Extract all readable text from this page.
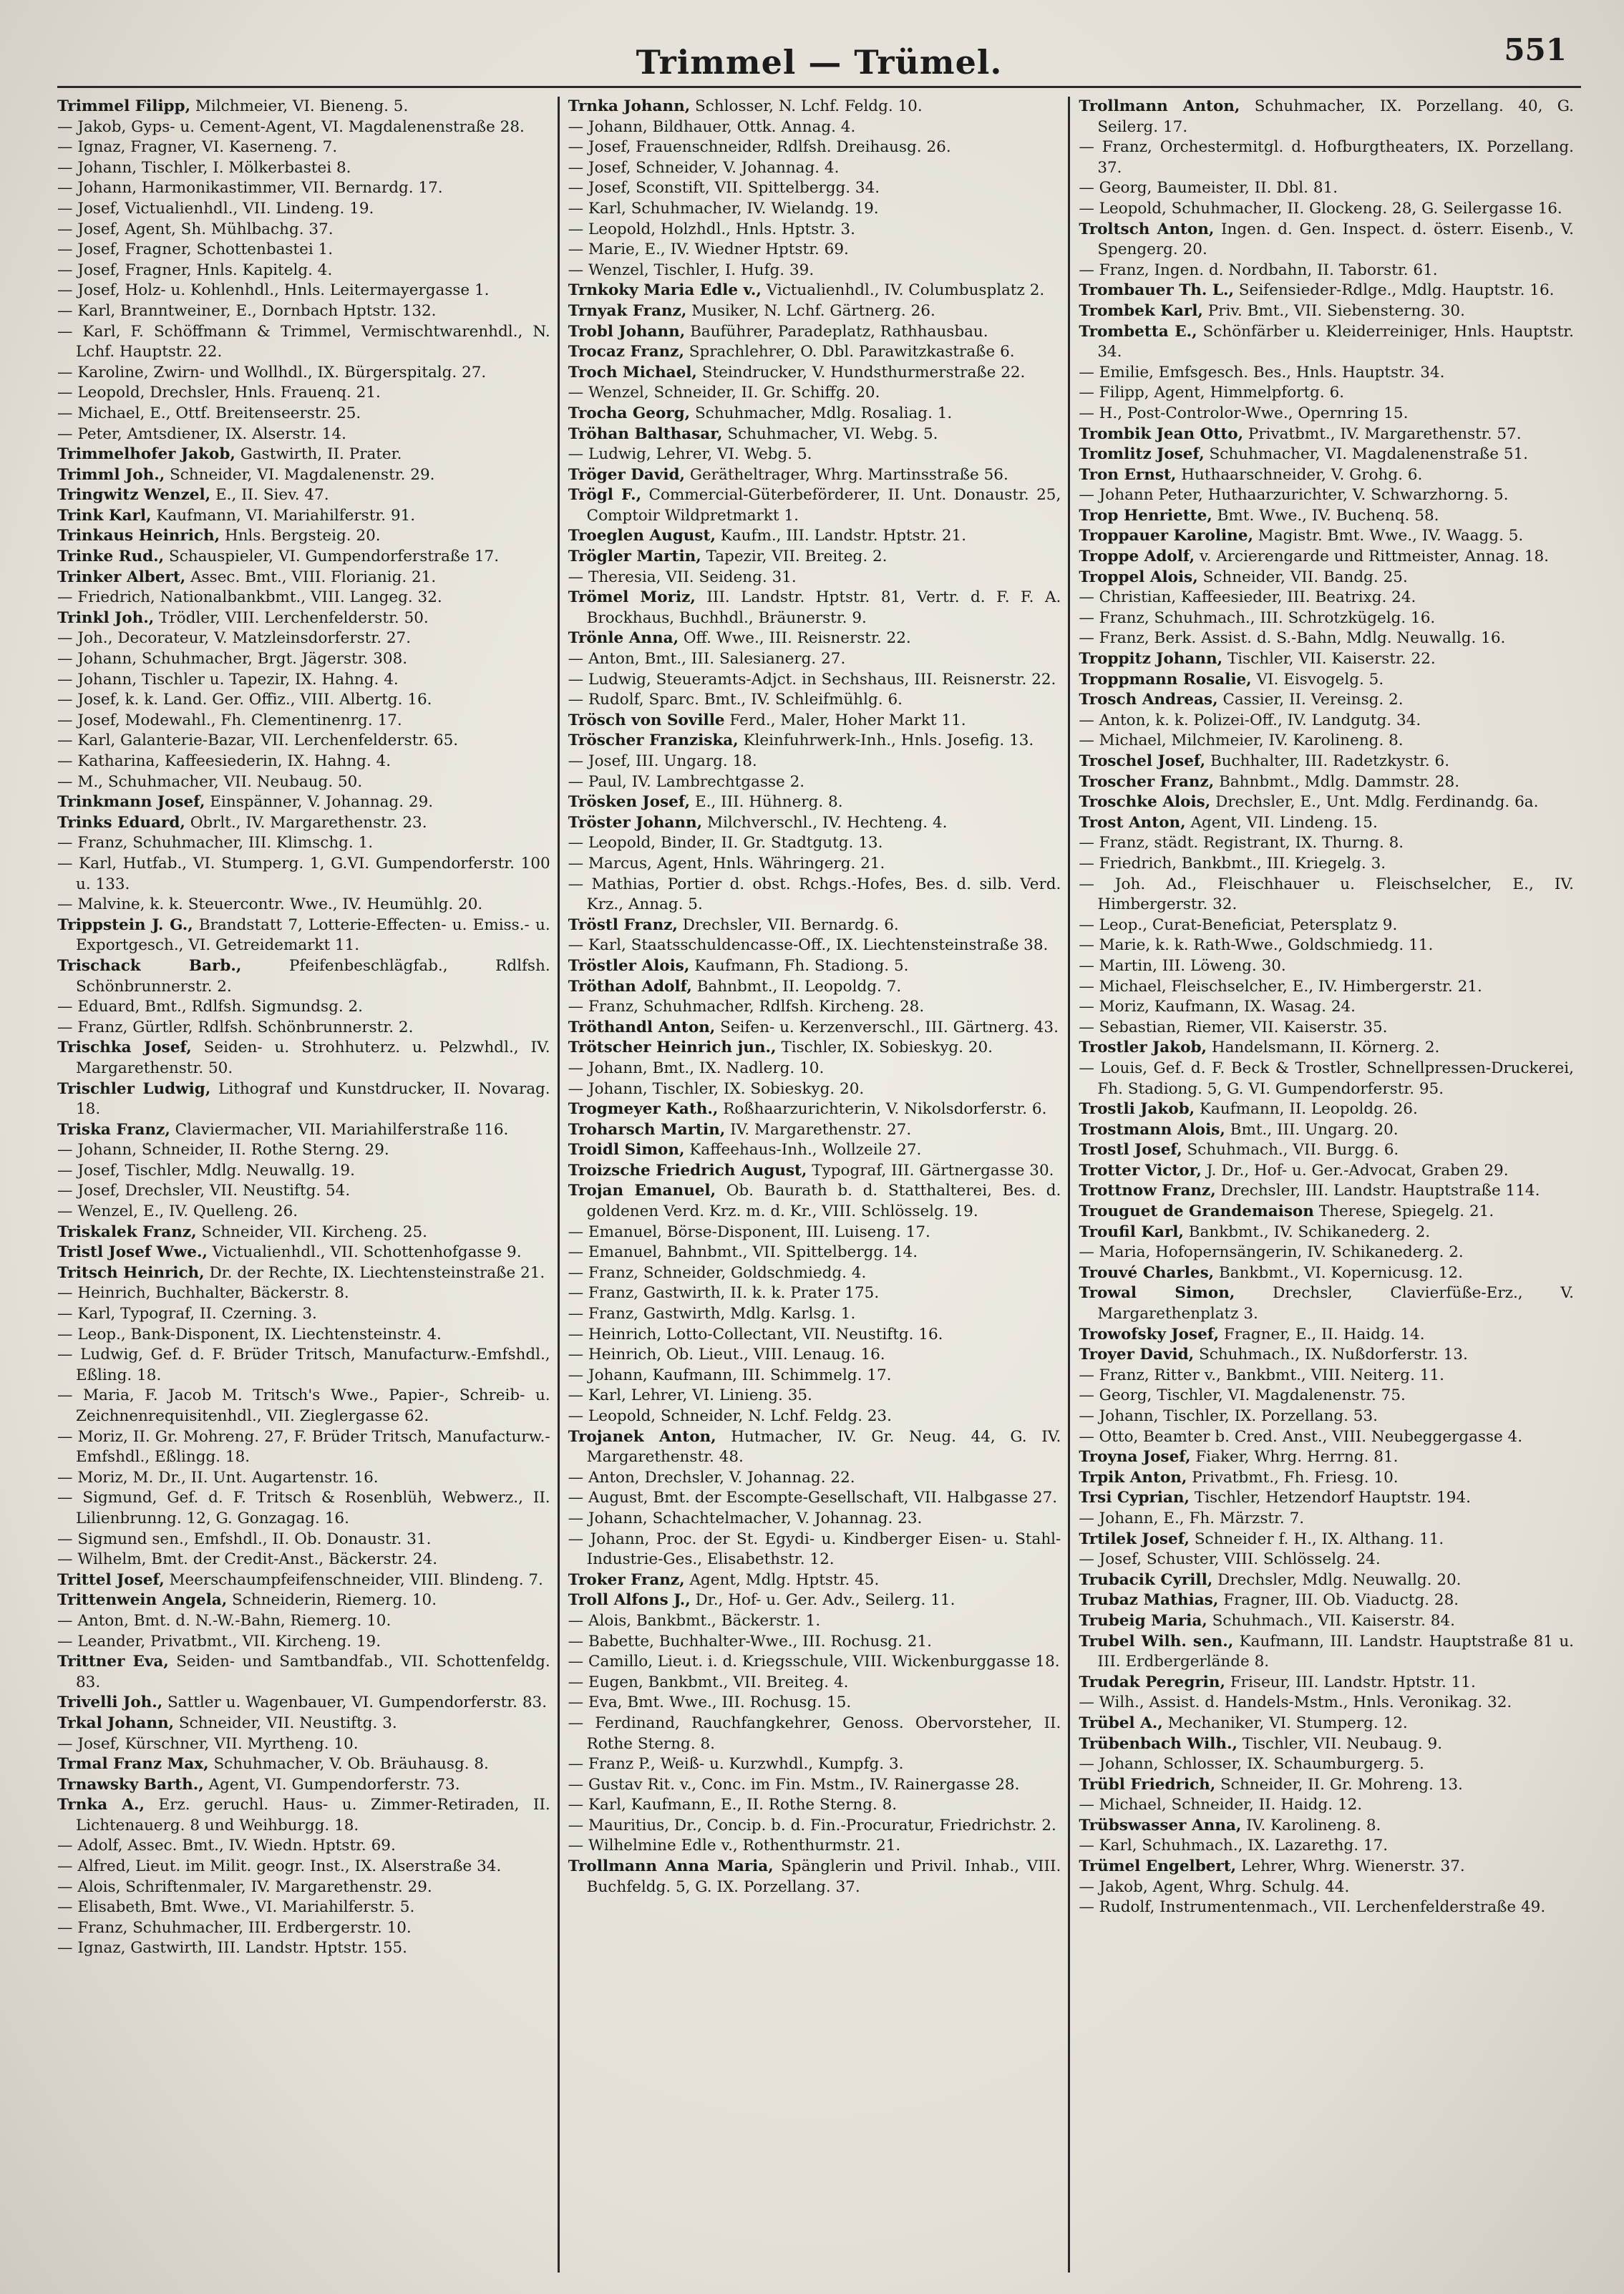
Trimmel — Trümel.	551
Trimmel Filipp, Milchmeier, VI. Bieneng. 5.
— Jakob, Gyps- u. Cement-Agent, VI. Magdalenenstraße 28.
— Ignaz, Fragner, VI. Kaserneng. 7.
— Johann, Tischler, I. Mölkerbastei 8.
— Johann, Harmonikastimmer, VII. Bernardg. 17.
— Josef, Victualienhdl., VII. Lindeng. 19.
— Josef, Agent, Sh. Mühlbachg. 37.
— Josef, Fragner, Schottenbastei 1.
— Josef, Fragner, Hnls. Kapitelg. 4.
— Josef, Holz- u. Kohlenhdl., Hnls. Leitermayergasse 1.
— Karl, Branntweiner, E., Dornbach Hptstr. 132.
— Karl, F. Schöffmann & Trimmel, Vermischtwarenhdl., N. Lchf. Hauptstr. 22.
— Karoline, Zwirn- und Wollhdl., IX. Bürgerspitalg. 27.
— Leopold, Drechsler, Hnls. Frauenq. 21.
— Michael, E., Ottf. Breitenseerstr. 25.
— Peter, Amtsdiener, IX. Alserstr. 14.
Trimmelhofer Jakob, Gastwirth, II. Prater.
Trimml Joh., Schneider, VI. Magdalenenstr. 29.
Tringwitz Wenzel, E., II. Siev. 47.
Trink Karl, Kaufmann, VI. Mariahilferstr. 91.
Trinkaus Heinrich, Hnls. Bergsteig. 20.
Trinke Rud., Schauspieler, VI. Gumpendorferstraße 17.
Trinker Albert, Assec. Bmt., VIII. Florianig. 21.
— Friedrich, Nationalbankbmt., VIII. Langeg. 32.
Trinkl Joh., Trödler, VIII. Lerchenfelderstr. 50.
— Joh., Decorateur, V. Matzleinsdorferstr. 27.
— Johann, Schuhmacher, Brgt. Jägerstr. 308.
— Johann, Tischler u. Tapezir, IX. Hahng. 4.
— Josef, k. k. Land. Ger. Offiz., VIII. Albertg. 16.
— Josef, Modewahl., Fh. Clementinenrg. 17.
— Karl, Galanterie-Bazar, VII. Lerchenfelderstr. 65.
— Katharina, Kaffeesiederin, IX. Hahng. 4.
— M., Schuhmacher, VII. Neubaug. 50.
Trinkmann Josef, Einspänner, V. Johannag. 29.
Trinks Eduard, Obrlt., IV. Margarethenstr. 23.
— Franz, Schuhmacher, III. Klimschg. 1.
— Karl, Hutfab., VI. Stumperg. 1, G.VI. Gumpendorferstr. 100 u. 133.
— Malvine, k. k. Steuercontr. Wwe., IV. Heumühlg. 20.
Trippstein J. G., Brandstatt 7, Lotterie-Effecten- u. Emiss.- u. Exportgesch., VI. Getreidemarkt 11.
Trischack Barb., Pfeifenbeschlägfab., Rdlfsh. Schönbrunnerstr. 2.
— Eduard, Bmt., Rdlfsh. Sigmundsg. 2.
— Franz, Gürtler, Rdlfsh. Schönbrunnerstr. 2.
Trischka Josef, Seiden- u. Strohhuterz. u. Pelzwhdl., IV. Margarethenstr. 50.
Trischler Ludwig, Lithograf und Kunstdrucker, II. Novarag. 18.
Triska Franz, Claviermacher, VII. Mariahilferstraße 116.
— Johann, Schneider, II. Rothe Sterng. 29.
— Josef, Tischler, Mdlg. Neuwallg. 19.
— Josef, Drechsler, VII. Neustiftg. 54.
— Wenzel, E., IV. Quelleng. 26.
Triskalek Franz, Schneider, VII. Kircheng. 25.
Tristl Josef Wwe., Victualienhdl., VII. Schottenhofgasse 9.
Tritsch Heinrich, Dr. der Rechte, IX. Liechtensteinstraße 21.
— Heinrich, Buchhalter, Bäckerstr. 8.
— Karl, Typograf, II. Czerning. 3.
— Leop., Bank-Disponent, IX. Liechtensteinstr. 4.
— Ludwig, Gef. d. F. Brüder Tritsch, Manufacturw.-Emfshdl., Eßling. 18.
— Maria, F. Jacob M. Tritsch's Wwe., Papier-, Schreib- u. Zeichnenrequisitenhdl., VII. Zieglergasse 62.
— Moriz, II. Gr. Mohreng. 27, F. Brüder Tritsch, Manufacturw.-Emfshdl., Eßlingg. 18.
— Moriz, M. Dr., II. Unt. Augartenstr. 16.
— Sigmund, Gef. d. F. Tritsch & Rosenblüh, Webwerz., II. Lilienbrunng. 12, G. Gonzagag. 16.
— Sigmund sen., Emfshdl., II. Ob. Donaustr. 31.
— Wilhelm, Bmt. der Credit-Anst., Bäckerstr. 24.
Trittel Josef, Meerschaumpfeifenschneider, VIII. Blindeng. 7.
Trittenwein Angela, Schneiderin, Riemerg. 10.
— Anton, Bmt. d. N.-W.-Bahn, Riemerg. 10.
— Leander, Privatbmt., VII. Kircheng. 19.
Trittner Eva, Seiden- und Samtbandfab., VII. Schottenfeldg. 83.
Trivelli Joh., Sattler u. Wagenbauer, VI. Gumpendorferstr. 83.
Trkal Johann, Schneider, VII. Neustiftg. 3.
— Josef, Kürschner, VII. Myrtheng. 10.
Trmal Franz Max, Schuhmacher, V. Ob. Bräuhausg. 8.
Trnawsky Barth., Agent, VI. Gumpendorferstr. 73.
Trnka A., Erz. geruchl. Haus- u. Zimmer-Retiraden, II. Lichtenauerg. 8 und Weihburgg. 18.
— Adolf, Assec. Bmt., IV. Wiedn. Hptstr. 69.
— Alfred, Lieut. im Milit. geogr. Inst., IX. Alserstraße 34.
— Alois, Schriftenmaler, IV. Margarethenstr. 29.
— Elisabeth, Bmt. Wwe., VI. Mariahilferstr. 5.
— Franz, Schuhmacher, III. Erdbergerstr. 10.
— Ignaz, Gastwirth, III. Landstr. Hptstr. 155.
Trnka Johann, Schlosser, N. Lchf. Feldg. 10.
— Johann, Bildhauer, Ottk. Annag. 4.
— Josef, Frauenschneider, Rdlfsh. Dreihausg. 26.
— Josef, Schneider, V. Johannag. 4.
— Josef, Sconstift, VII. Spittelbergg. 34.
— Karl, Schuhmacher, IV. Wielandg. 19.
— Leopold, Holzhdl., Hnls. Hptstr. 3.
— Marie, E., IV. Wiedner Hptstr. 69.
— Wenzel, Tischler, I. Hufg. 39.
Trnkoky Maria Edle v., Victualienhdl., IV. Columbusplatz 2.
Trnyak Franz, Musiker, N. Lchf. Gärtnerg. 26.
Trobl Johann, Bauführer, Paradeplatz, Rathhausbau.
Trocaz Franz, Sprachlehrer, O. Dbl. Parawitzkastraße 6.
Troch Michael, Steindrucker, V. Hundsthurmerstraße 22.
— Wenzel, Schneider, II. Gr. Schiffg. 20.
Trocha Georg, Schuhmacher, Mdlg. Rosaliag. 1.
Tröhan Balthasar, Schuhmacher, VI. Webg. 5.
— Ludwig, Lehrer, VI. Webg. 5.
Tröger David, Gerätheltrager, Whrg. Martinsstraße 56.
Trögl F., Commercial-Güterbeförderer, II. Unt. Donaustr. 25, Comptoir Wildpretmarkt 1.
Troeglen August, Kaufm., III. Landstr. Hptstr. 21.
Trögler Martin, Tapezir, VII. Breiteg. 2.
— Theresia, VII. Seideng. 31.
Trömel Moriz, III. Landstr. Hptstr. 81, Vertr. d. F. F. A. Brockhaus, Buchhdl., Bräunerstr. 9.
Trönle Anna, Off. Wwe., III. Reisnerstr. 22.
— Anton, Bmt., III. Salesianerg. 27.
— Ludwig, Steueramts-Adjct. in Sechshaus, III. Reisnerstr. 22.
— Rudolf, Sparc. Bmt., IV. Schleifmühlg. 6.
Trösch von Soville Ferd., Maler, Hoher Markt 11.
Tröscher Franziska, Kleinfuhrwerk-Inh., Hnls. Josefig. 13.
— Josef, III. Ungarg. 18.
— Paul, IV. Lambrechtgasse 2.
Trösken Josef, E., III. Hühnerg. 8.
Tröster Johann, Milchverschl., IV. Hechteng. 4.
— Leopold, Binder, II. Gr. Stadtgutg. 13.
— Marcus, Agent, Hnls. Währingerg. 21.
— Mathias, Portier d. obst. Rchgs.-Hofes, Bes. d. silb. Verd. Krz., Annag. 5.
Tröstl Franz, Drechsler, VII. Bernardg. 6.
— Karl, Staatsschuldencasse-Off., IX. Liechtensteinstraße 38.
Tröstler Alois, Kaufmann, Fh. Stadiong. 5.
Tröthan Adolf, Bahnbmt., II. Leopoldg. 7.
— Franz, Schuhmacher, Rdlfsh. Kircheng. 28.
Tröthandl Anton, Seifen- u. Kerzenverschl., III. Gärtnerg. 43.
Trötscher Heinrich jun., Tischler, IX. Sobieskyg. 20.
— Johann, Bmt., IX. Nadlerg. 10.
— Johann, Tischler, IX. Sobieskyg. 20.
Trogmeyer Kath., Roßhaarzurichterin, V. Nikolsdorferstr. 6.
Troharsch Martin, IV. Margarethenstr. 27.
Troidl Simon, Kaffeehaus-Inh., Wollzeile 27.
Troizsche Friedrich August, Typograf, III. Gärtnergasse 30.
Trojan Emanuel, Ob. Baurath b. d. Statthalterei, Bes. d. goldenen Verd. Krz. m. d. Kr., VIII. Schlösselg. 19.
— Emanuel, Börse-Disponent, III. Luiseng. 17.
— Emanuel, Bahnbmt., VII. Spittelbergg. 14.
— Franz, Schneider, Goldschmiedg. 4.
— Franz, Gastwirth, II. k. k. Prater 175.
— Franz, Gastwirth, Mdlg. Karlsg. 1.
— Heinrich, Lotto-Collectant, VII. Neustiftg. 16.
— Heinrich, Ob. Lieut., VIII. Lenaug. 16.
— Johann, Kaufmann, III. Schimmelg. 17.
— Karl, Lehrer, VI. Linieng. 35.
— Leopold, Schneider, N. Lchf. Feldg. 23.
Trojanek Anton, Hutmacher, IV. Gr. Neug. 44, G. IV. Margarethenstr. 48.
— Anton, Drechsler, V. Johannag. 22.
— August, Bmt. der Escompte-Gesellschaft, VII. Halbgasse 27.
— Johann, Schachtelmacher, V. Johannag. 23.
— Johann, Proc. der St. Egydi- u. Kindberger Eisen- u. Stahl-Industrie-Ges., Elisabethstr. 12.
Troker Franz, Agent, Mdlg. Hptstr. 45.
Troll Alfons J., Dr., Hof- u. Ger. Adv., Seilerg. 11.
— Alois, Bankbmt., Bäckerstr. 1.
— Babette, Buchhalter-Wwe., III. Rochusg. 21.
— Camillo, Lieut. i. d. Kriegsschule, VIII. Wickenburggasse 18.
— Eugen, Bankbmt., VII. Breiteg. 4.
— Eva, Bmt. Wwe., III. Rochusg. 15.
— Ferdinand, Rauchfangkehrer, Genoss. Obervorsteher, II. Rothe Sterng. 8.
— Franz P., Weiß- u. Kurzwhdl., Kumpfg. 3.
— Gustav Rit. v., Conc. im Fin. Mstm., IV. Rainergasse 28.
— Karl, Kaufmann, E., II. Rothe Sterng. 8.
— Mauritius, Dr., Concip. b. d. Fin.-Procuratur, Friedrichstr. 2.
— Wilhelmine Edle v., Rothenthurmstr. 21.
Trollmann Anna Maria, Spänglerin und Privil. Inhab., VIII. Buchfeldg. 5, G. IX. Porzellang. 37.
Trollmann Anton, Schuhmacher, IX. Porzellang. 40, G. Seilerg. 17.
— Franz, Orchestermitgl. d. Hofburgtheaters, IX. Porzellang. 37.
— Georg, Baumeister, II. Dbl. 81.
— Leopold, Schuhmacher, II. Glockeng. 28, G. Seilergasse 16.
Troltsch Anton, Ingen. d. Gen. Inspect. d. österr. Eisenb., V. Spengerg. 20.
— Franz, Ingen. d. Nordbahn, II. Taborstr. 61.
Trombauer Th. L., Seifensieder-Rdlge., Mdlg. Hauptstr. 16.
Trombek Karl, Priv. Bmt., VII. Siebensterng. 30.
Trombetta E., Schönfärber u. Kleiderreiniger, Hnls. Hauptstr. 34.
— Emilie, Emfsgesch. Bes., Hnls. Hauptstr. 34.
— Filipp, Agent, Himmelpfortg. 6.
— H., Post-Controlor-Wwe., Opernring 15.
Trombik Jean Otto, Privatbmt., IV. Margarethenstr. 57.
Tromlitz Josef, Schuhmacher, VI. Magdalenenstraße 51.
Tron Ernst, Huthaarschneider, V. Grohg. 6.
— Johann Peter, Huthaarzurichter, V. Schwarzhorng. 5.
Trop Henriette, Bmt. Wwe., IV. Buchenq. 58.
Troppauer Karoline, Magistr. Bmt. Wwe., IV. Waagg. 5.
Troppe Adolf, v. Arcierengarde und Rittmeister, Annag. 18.
Troppel Alois, Schneider, VII. Bandg. 25.
— Christian, Kaffeesieder, III. Beatrixg. 24.
— Franz, Schuhmach., III. Schrotzkügelg. 16.
— Franz, Berk. Assist. d. S.-Bahn, Mdlg. Neuwallg. 16.
Troppitz Johann, Tischler, VII. Kaiserstr. 22.
Troppmann Rosalie, VI. Eisvogelg. 5.
Trosch Andreas, Cassier, II. Vereinsg. 2.
— Anton, k. k. Polizei-Off., IV. Landgutg. 34.
— Michael, Milchmeier, IV. Karolineng. 8.
Troschel Josef, Buchhalter, III. Radetzkystr. 6.
Troscher Franz, Bahnbmt., Mdlg. Dammstr. 28.
Troschke Alois, Drechsler, E., Unt. Mdlg. Ferdinandg. 6a.
Trost Anton, Agent, VII. Lindeng. 15.
— Franz, städt. Registrant, IX. Thurng. 8.
— Friedrich, Bankbmt., III. Kriegelg. 3.
— Joh. Ad., Fleischhauer u. Fleischselcher, E., IV. Himbergerstr. 32.
— Leop., Curat-Beneficiat, Petersplatz 9.
— Marie, k. k. Rath-Wwe., Goldschmiedg. 11.
— Martin, III. Löweng. 30.
— Michael, Fleischselcher, E., IV. Himbergerstr. 21.
— Moriz, Kaufmann, IX. Wasag. 24.
— Sebastian, Riemer, VII. Kaiserstr. 35.
Trostler Jakob, Handelsmann, II. Körnerg. 2.
— Louis, Gef. d. F. Beck & Trostler, Schnellpressen-Druckerei, Fh. Stadiong. 5, G. VI. Gumpendorferstr. 95.
Trostli Jakob, Kaufmann, II. Leopoldg. 26.
Trostmann Alois, Bmt., III. Ungarg. 20.
Trostl Josef, Schuhmach., VII. Burgg. 6.
Trotter Victor, J. Dr., Hof- u. Ger.-Advocat, Graben 29.
Trottnow Franz, Drechsler, III. Landstr. Hauptstraße 114.
Trouguet de Grandemaison Therese, Spiegelg. 21.
Troufil Karl, Bankbmt., IV. Schikanederg. 2.
— Maria, Hofopernsängerin, IV. Schikanederg. 2.
Trouvé Charles, Bankbmt., VI. Kopernicusg. 12.
Trowal Simon, Drechsler, Clavierfüße-Erz., V. Margarethenplatz 3.
Trowofsky Josef, Fragner, E., II. Haidg. 14.
Troyer David, Schuhmach., IX. Nußdorferstr. 13.
— Franz, Ritter v., Bankbmt., VIII. Neiterg. 11.
— Georg, Tischler, VI. Magdalenenstr. 75.
— Johann, Tischler, IX. Porzellang. 53.
— Otto, Beamter b. Cred. Anst., VIII. Neubeggergasse 4.
Troyna Josef, Fiaker, Whrg. Herrng. 81.
Trpik Anton, Privatbmt., Fh. Friesg. 10.
Trsi Cyprian, Tischler, Hetzendorf Hauptstr. 194.
— Johann, E., Fh. Märzstr. 7.
Trtilek Josef, Schneider f. H., IX. Althang. 11.
— Josef, Schuster, VIII. Schlösselg. 24.
Trubacik Cyrill, Drechsler, Mdlg. Neuwallg. 20.
Trubaz Mathias, Fragner, III. Ob. Viaductg. 28.
Trubeig Maria, Schuhmach., VII. Kaiserstr. 84.
Trubel Wilh. sen., Kaufmann, III. Landstr. Hauptstraße 81 u. III. Erdbergerlände 8.
Trudak Peregrin, Friseur, III. Landstr. Hptstr. 11.
— Wilh., Assist. d. Handels-Mstm., Hnls. Veronikag. 32.
Trübel A., Mechaniker, VI. Stumperg. 12.
Trübenbach Wilh., Tischler, VII. Neubaug. 9.
— Johann, Schlosser, IX. Schaumburgerg. 5.
Trübl Friedrich, Schneider, II. Gr. Mohreng. 13.
— Michael, Schneider, II. Haidg. 12.
Trübswasser Anna, IV. Karolineng. 8.
— Karl, Schuhmach., IX. Lazarethg. 17.
Trümel Engelbert, Lehrer, Whrg. Wienerstr. 37.
— Jakob, Agent, Whrg. Schulg. 44.
— Rudolf, Instrumentenmach., VII. Lerchenfelderstraße 49.
